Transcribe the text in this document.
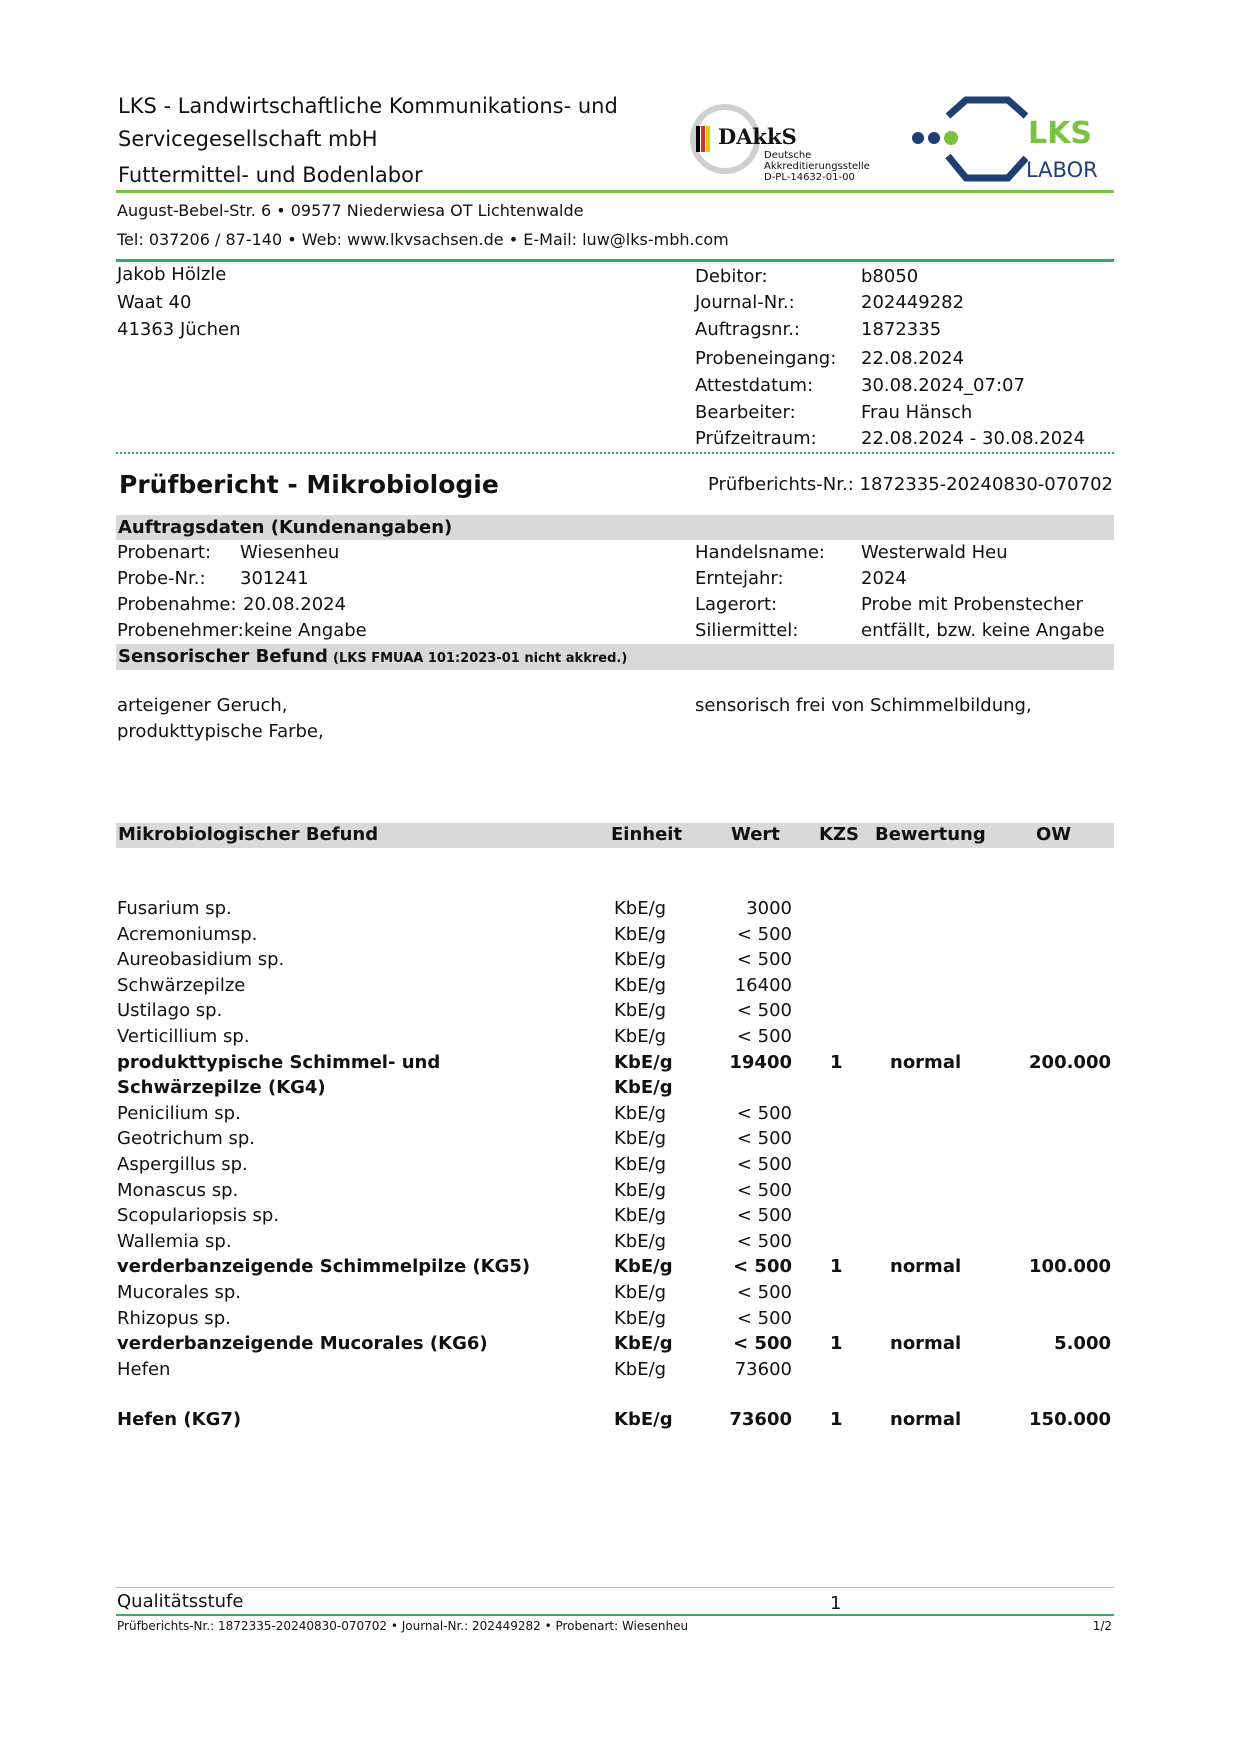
LKS - Landwirtschaftliche Kommunikations- und
Servicegesellschaft mbH
Futtermittel- und Bodenlabor
DAkkS
Deutsche
Akkreditierungsstelle
D-PL-14632-01-00
LKS
LABOR
August-Bebel-Str. 6 • 09577 Niederwiesa OT Lichtenwalde
Tel: 037206 / 87-140 • Web: www.lkvsachsen.de • E-Mail: luw@lks-mbh.com
Jakob Hölzle
Waat 40
41363 Jüchen
Debitor:	b8050
Journal-Nr.:	202449282
Auftragsnr.:	1872335
Probeneingang: 22.08.2024
Attestdatum:	30.08.2024_07:07
Bearbeiter:	Frau Hänsch
Prüfzeitraum: 22.08.2024 - 30.08.2024
Prüfbericht - Mikrobiologie	Prüfberichts-Nr.: 1872335-20240830-070702
Auftragsdaten (Kundenangaben)
Probenart: Wiesenheu
Probe-Nr.: 301241
Probenahme: 20.08.2024
Probenehmer: keine Angabe
Handelsname: Westerwald Heu
Erntejahr:	2024
Lagerort:	Probe mit Probenstecher
Siliermittel:	entfällt, bzw. keine Angabe
Sensorischer Befund (LKS FMUAA 101:2023-01 nicht akkred.)
arteigener Geruch,
produkttypische Farbe,
sensorisch frei von Schimmelbildung,
Mikrobiologischer Befund	Einheit	Wert KZS Bewertung	OW
Fusarium sp.	KbE/g	3000
Acremoniumsp.	KbE/g	< 500
Aureobasidium sp.	KbE/g	< 500
Schwärzepilze	KbE/g	16400
Ustilago sp.	KbE/g	< 500
Verticillium sp.	KbE/g	< 500
produkttypische Schimmel- und	KbE/g	19400 1	normal	200.000
Schwärzepilze (KG4)	KbE/g
Penicilium sp.	KbE/g	< 500
Geotrichum sp.	KbE/g	< 500
Aspergillus sp.	KbE/g	< 500
Monascus sp.	KbE/g	< 500
Scopulariopsis sp.	KbE/g	< 500
Wallemia sp.	KbE/g	< 500
verderbanzeigende Schimmelpilze (KG5)	KbE/g	< 500 1	normal	100.000
Mucorales sp.	KbE/g	< 500
Rhizopus sp.	KbE/g	< 500
verderbanzeigende Mucorales (KG6)	KbE/g	< 500 1	normal	5.000
Hefen	KbE/g	73600
Hefen (KG7)	KbE/g	73600 1	normal	150.000
Qualitätsstufe	1
Prüfberichts-Nr.: 1872335-20240830-070702 • Journal-Nr.: 202449282 • Probenart: Wiesenheu	1/2
